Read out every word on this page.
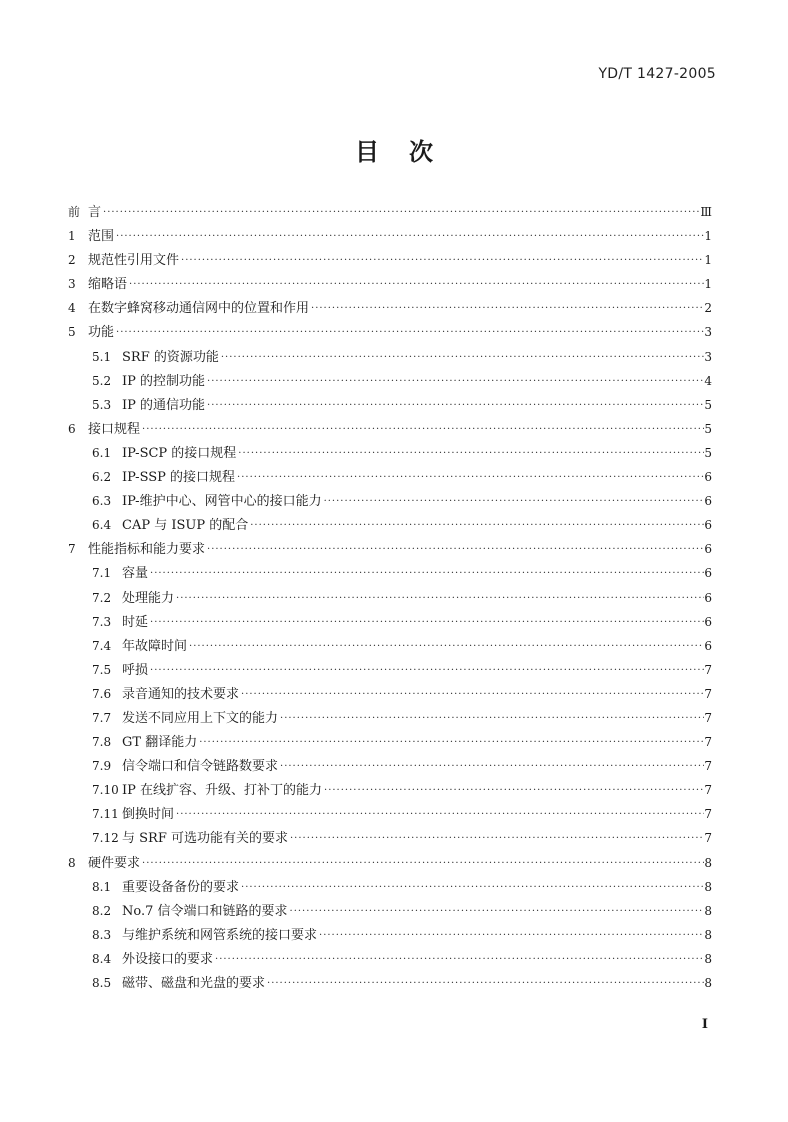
YD/T 1427-2005
目次
前 言 ·····	Ⅲ
1 范围 ·····	1
2 规范性引用文件 ·····	1
3 缩略语 ·····	1
4 在数字蜂窝移动通信网中的位置和作用 ·····	2
5 功能 ·····	3
5.1 SRF 的资源功能 ·····	3
5.2 IP 的控制功能 ·····	4
5.3 IP 的通信功能 ·····	5
6 接口规程 ·····	5
6.1 IP-SCP 的接口规程 ·····	5
6.2 IP-SSP 的接口规程 ·····	6
6.3 IP-维护中心、网管中心的接口能力 ·····	6
6.4 CAP 与 ISUP 的配合 ·····	6
7 性能指标和能力要求 ·····	6
7.1 容量 ·····	6
7.2 处理能力 ·····	6
7.3 时延 ·····	6
7.4 年故障时间 ·····	6
7.5 呼损 ·····	7
7.6 录音通知的技术要求 ·····	7
7.7 发送不同应用上下文的能力 ·····	7
7.8 GT 翻译能力 ·····	7
7.9 信令端口和信令链路数要求 ·····	7
7.10 IP 在线扩容、升级、打补丁的能力 ·····	7
7.11 倒换时间 ·····	7
7.12 与 SRF 可选功能有关的要求 ·····	7
8 硬件要求 ·····	8
8.1 重要设备备份的要求 ·····	8
8.2 No.7 信令端口和链路的要求 ·····	8
8.3 与维护系统和网管系统的接口要求 ·····	8
8.4 外设接口的要求 ·····	8
8.5 磁带、磁盘和光盘的要求 ·····	8
I
